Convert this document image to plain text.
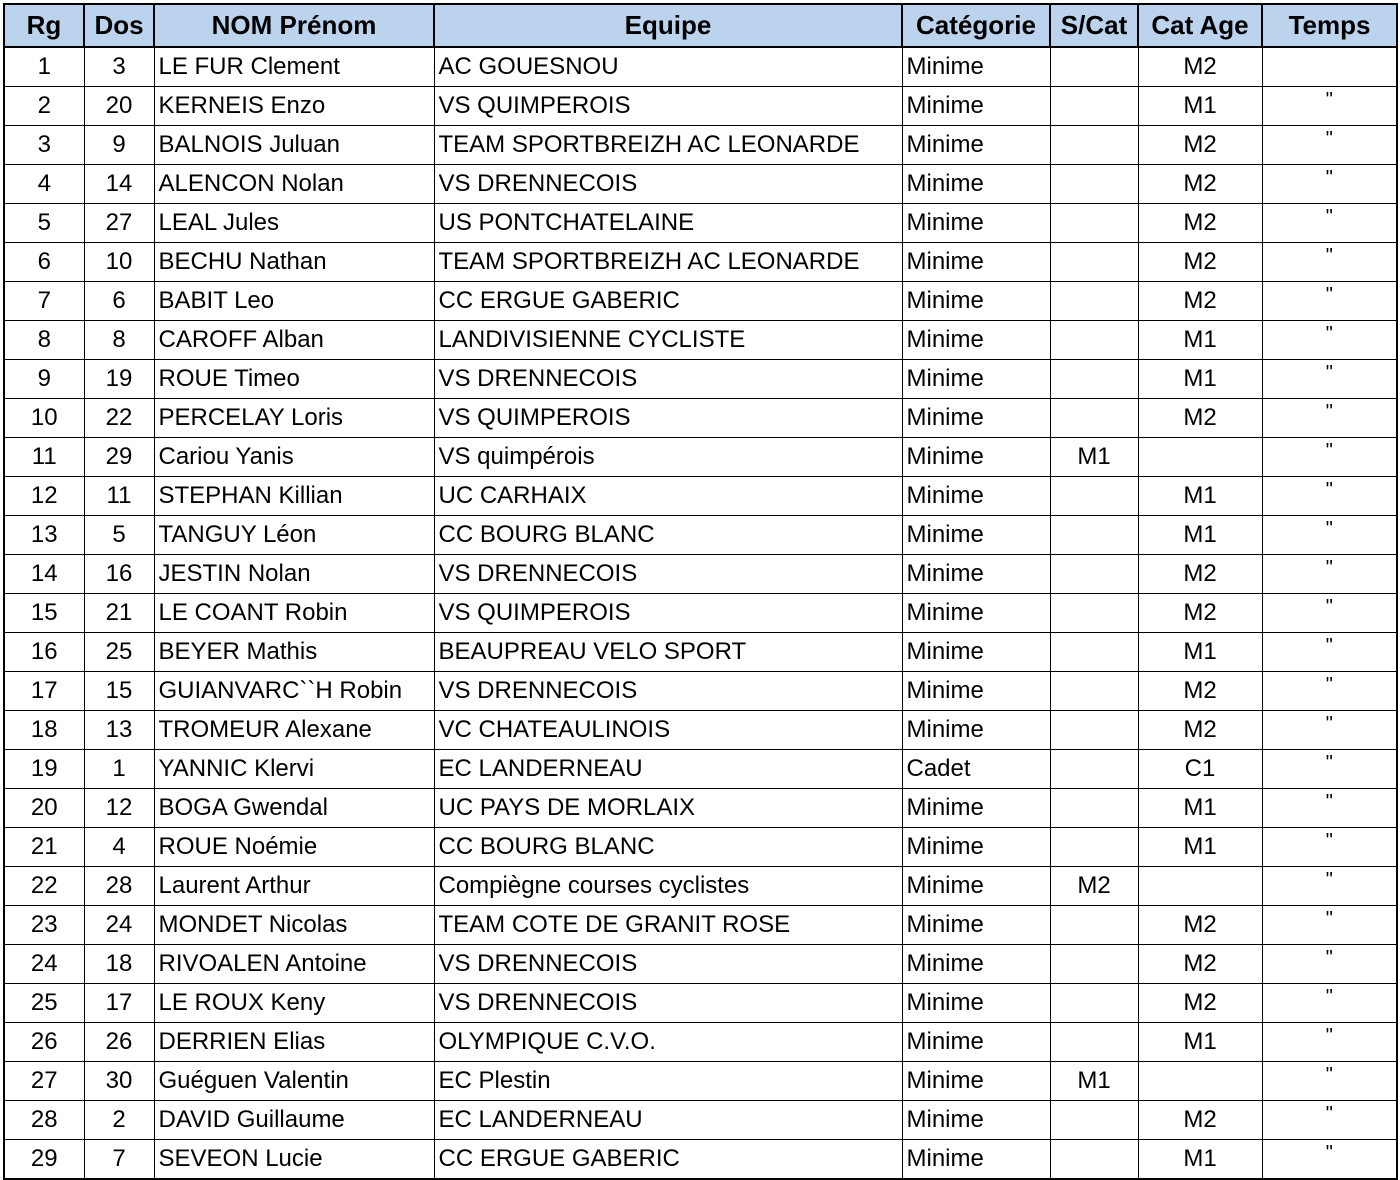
Rg	Dos	NOM Prénom	Equipe	Catégorie	S/Cat	Cat Age	Temps
1	3	LE FUR Clement	AC GOUESNOU	Minime		M2	
2	20	KERNEIS Enzo	VS QUIMPEROIS	Minime		M1	"
3	9	BALNOIS Juluan	TEAM SPORTBREIZH AC LEONARDE	Minime		M2	"
4	14	ALENCON Nolan	VS DRENNECOIS	Minime		M2	"
5	27	LEAL Jules	US PONTCHATELAINE	Minime		M2	"
6	10	BECHU Nathan	TEAM SPORTBREIZH AC LEONARDE	Minime		M2	"
7	6	BABIT Leo	CC ERGUE GABERIC	Minime		M2	"
8	8	CAROFF Alban	LANDIVISIENNE CYCLISTE	Minime		M1	"
9	19	ROUE Timeo	VS DRENNECOIS	Minime		M1	"
10	22	PERCELAY Loris	VS QUIMPEROIS	Minime		M2	"
11	29	Cariou Yanis	VS quimpérois	Minime	M1		"
12	11	STEPHAN Killian	UC CARHAIX	Minime		M1	"
13	5	TANGUY Léon	CC BOURG BLANC	Minime		M1	"
14	16	JESTIN Nolan	VS DRENNECOIS	Minime		M2	"
15	21	LE COANT Robin	VS QUIMPEROIS	Minime		M2	"
16	25	BEYER Mathis	BEAUPREAU VELO SPORT	Minime		M1	"
17	15	GUIANVARC``H Robin	VS DRENNECOIS	Minime		M2	"
18	13	TROMEUR Alexane	VC CHATEAULINOIS	Minime		M2	"
19	1	YANNIC Klervi	EC LANDERNEAU	Cadet		C1	"
20	12	BOGA Gwendal	UC PAYS DE MORLAIX	Minime		M1	"
21	4	ROUE Noémie	CC BOURG BLANC	Minime		M1	"
22	28	Laurent Arthur	Compiègne courses cyclistes	Minime	M2		"
23	24	MONDET Nicolas	TEAM COTE DE GRANIT ROSE	Minime		M2	"
24	18	RIVOALEN Antoine	VS DRENNECOIS	Minime		M2	"
25	17	LE ROUX Keny	VS DRENNECOIS	Minime		M2	"
26	26	DERRIEN Elias	OLYMPIQUE C.V.O.	Minime		M1	"
27	30	Guéguen Valentin	EC Plestin	Minime	M1		"
28	2	DAVID Guillaume	EC LANDERNEAU	Minime		M2	"
29	7	SEVEON Lucie	CC ERGUE GABERIC	Minime		M1	"
